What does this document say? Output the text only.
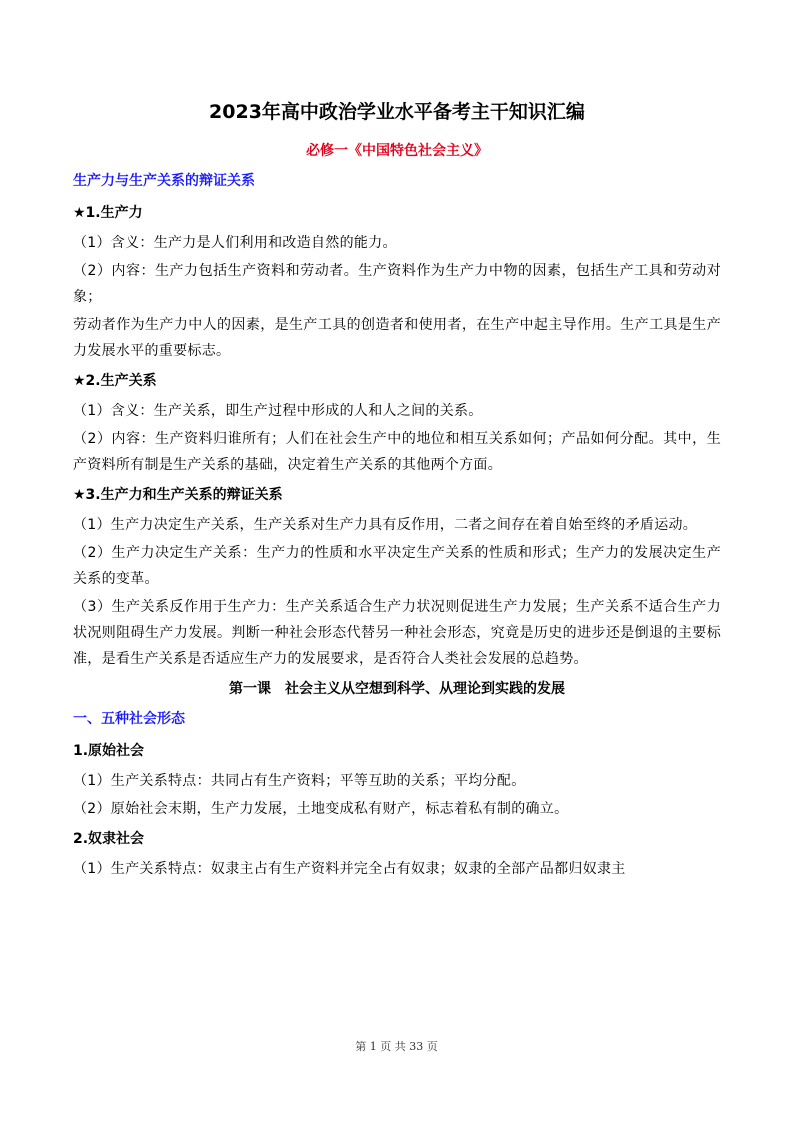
2023年高中政治学业水平备考主干知识汇编
必修一《中国特色社会主义》
生产力与生产关系的辩证关系
★1.生产力

（1）含义：生产力是人们利用和改造自然的能力。

（2）内容：生产力包括生产资料和劳动者。生产资料作为生产力中物的因素，包括生产工具和劳动对象；

劳动者作为生产力中人的因素，是生产工具的创造者和使用者，在生产中起主导作用。生产工具是生产力发展水平的重要标志。

★2.生产关系

（1）含义：生产关系，即生产过程中形成的人和人之间的关系。

（2）内容：生产资料归谁所有；人们在社会生产中的地位和相互关系如何；产品如何分配。其中，生产资料所有制是生产关系的基础，决定着生产关系的其他两个方面。

★3.生产力和生产关系的辩证关系

（1）生产力决定生产关系，生产关系对生产力具有反作用，二者之间存在着自始至终的矛盾运动。

（2）生产力决定生产关系：生产力的性质和水平决定生产关系的性质和形式；生产力的发展决定生产关系的变革。

（3）生产关系反作用于生产力：生产关系适合生产力状况则促进生产力发展；生产关系不适合生产力状况则阻碍生产力发展。判断一种社会形态代替另一种社会形态，究竟是历史的进步还是倒退的主要标准，是看生产关系是否适应生产力的发展要求，是否符合人类社会发展的总趋势。

第一课　社会主义从空想到科学、从理论到实践的发展
一、五种社会形态
1.原始社会

（1）生产关系特点：共同占有生产资料；平等互助的关系；平均分配。

（2）原始社会末期，生产力发展，土地变成私有财产，标志着私有制的确立。

2.奴隶社会

（1）生产关系特点：奴隶主占有生产资料并完全占有奴隶；奴隶的全部产品都归奴隶主

第 1 页 共 33 页
